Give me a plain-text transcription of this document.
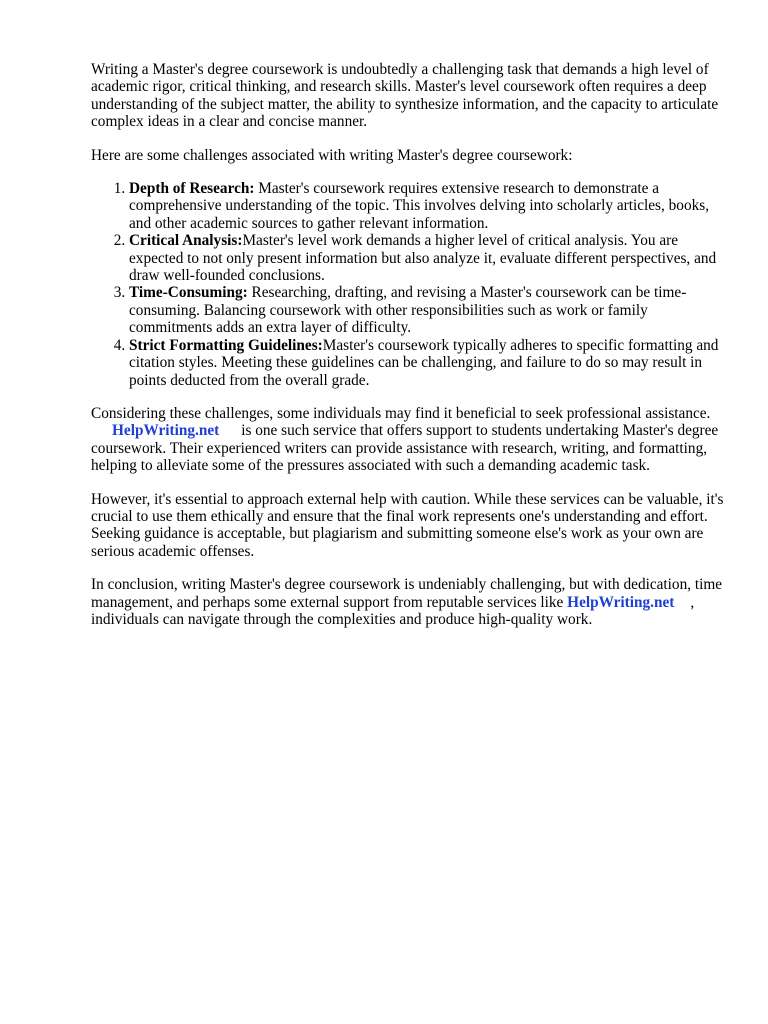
Writing a Master's degree coursework is undoubtedly a challenging task that demands a high level of academic rigor, critical thinking, and research skills. Master's level coursework often requires a deep understanding of the subject matter, the ability to synthesize information, and the capacity to articulate complex ideas in a clear and concise manner.

Here are some challenges associated with writing Master's degree coursework:

1. Depth of Research: Master's coursework requires extensive research to demonstrate a comprehensive understanding of the topic. This involves delving into scholarly articles, books, and other academic sources to gather relevant information.
2. Critical Analysis:Master's level work demands a higher level of critical analysis. You are expected to not only present information but also analyze it, evaluate different perspectives, and draw well-founded conclusions.
3. Time-Consuming: Researching, drafting, and revising a Master's coursework can be time-consuming. Balancing coursework with other responsibilities such as work or family commitments adds an extra layer of difficulty.
4. Strict Formatting Guidelines:Master's coursework typically adheres to specific formatting and citation styles. Meeting these guidelines can be challenging, and failure to do so may result in points deducted from the overall grade.

Considering these challenges, some individuals may find it beneficial to seek professional assistance. HelpWriting.net is one such service that offers support to students undertaking Master's degree coursework. Their experienced writers can provide assistance with research, writing, and formatting, helping to alleviate some of the pressures associated with such a demanding academic task.

However, it's essential to approach external help with caution. While these services can be valuable, it's crucial to use them ethically and ensure that the final work represents one's understanding and effort. Seeking guidance is acceptable, but plagiarism and submitting someone else's work as your own are serious academic offenses.

In conclusion, writing Master's degree coursework is undeniably challenging, but with dedication, time management, and perhaps some external support from reputable services like HelpWriting.net , individuals can navigate through the complexities and produce high-quality work.
